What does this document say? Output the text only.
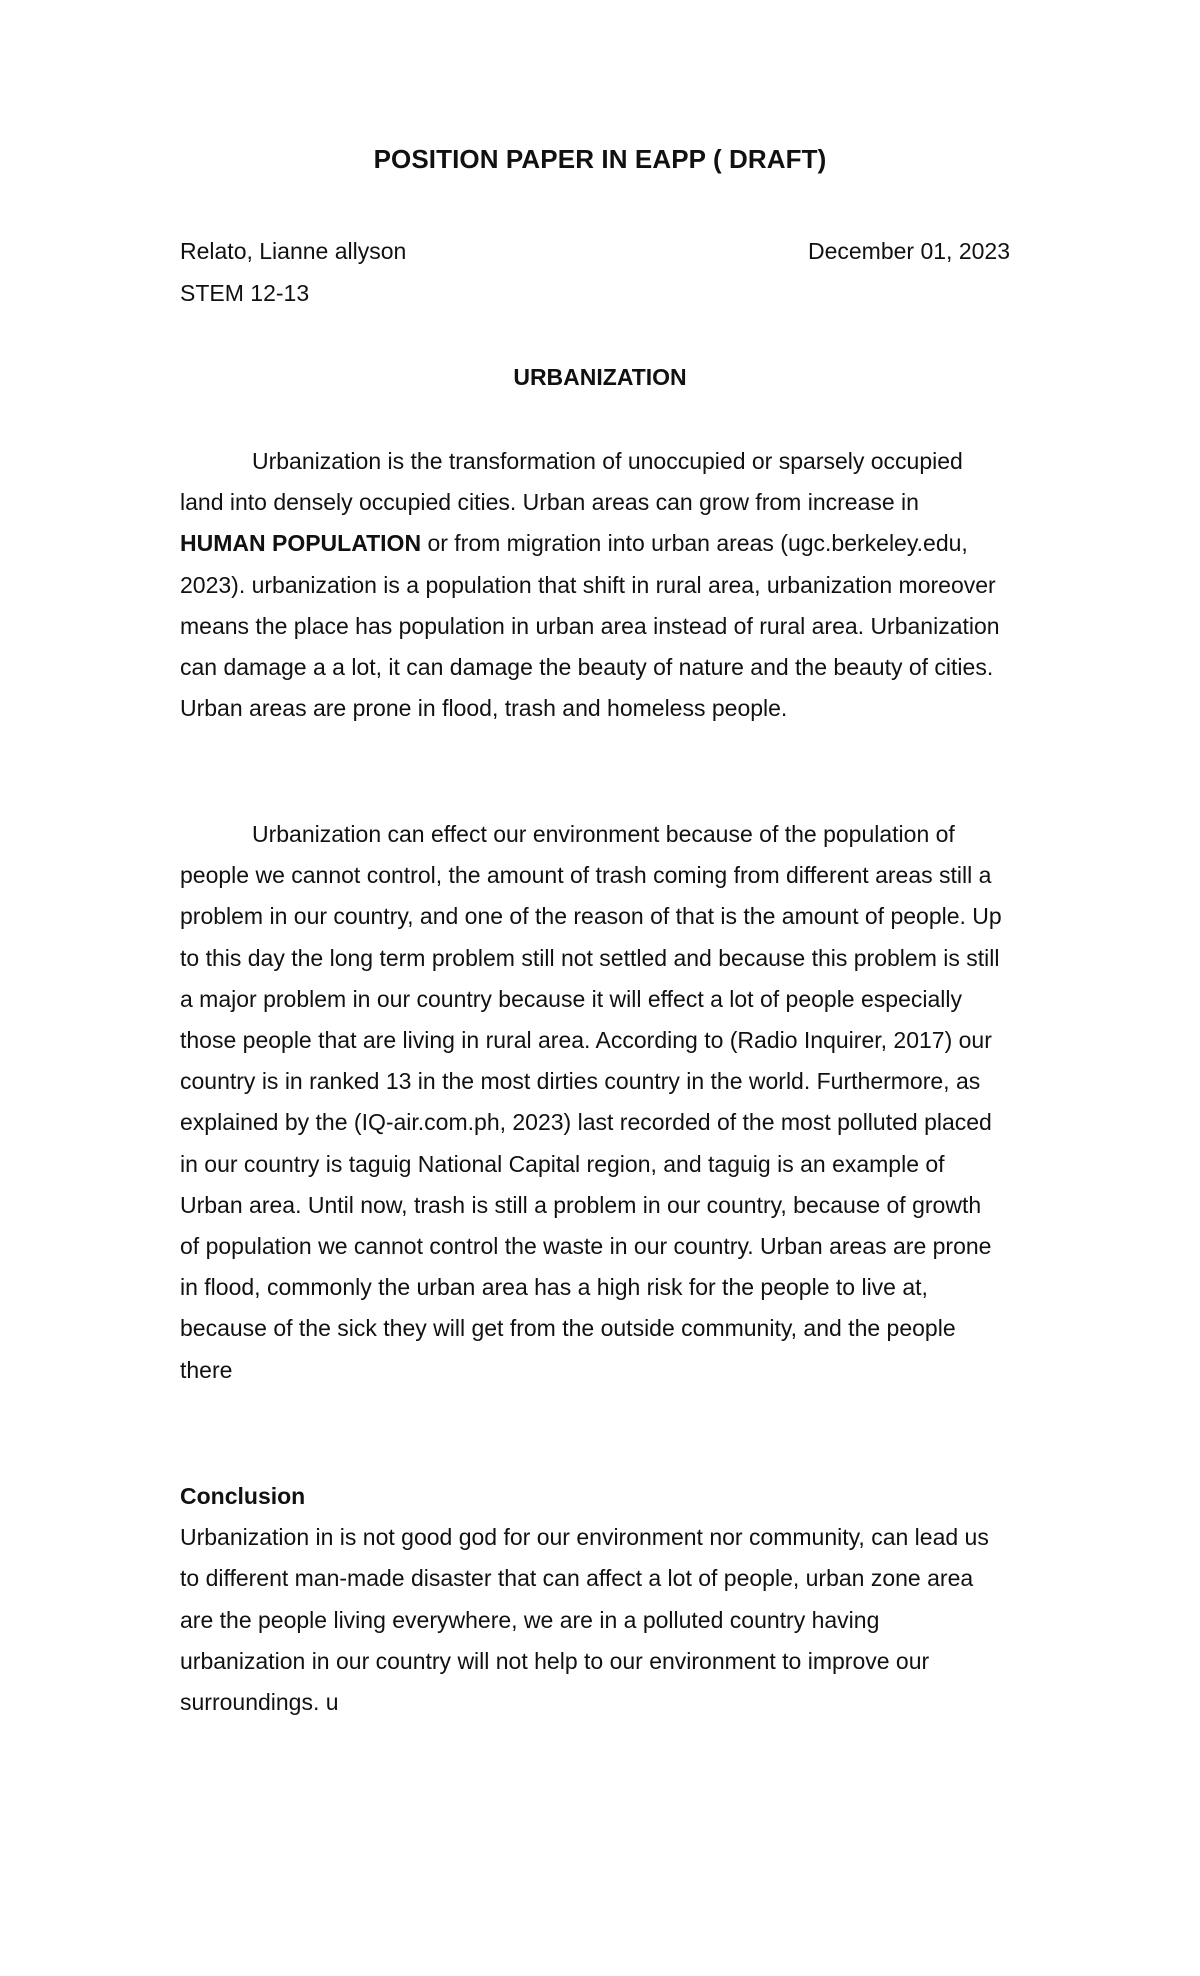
POSITION PAPER IN EAPP ( DRAFT)
Relato, Lianne allyson	December 01, 2023
STEM 12-13
URBANIZATION
Urbanization is the transformation of unoccupied or sparsely occupied
land into densely occupied cities. Urban areas can grow from increase in
HUMAN POPULATION or from migration into urban areas (ugc.berkeley.edu,
2023). urbanization is a population that shift in rural area, urbanization moreover
means the place has population in urban area instead of rural area. Urbanization
can damage a a lot, it can damage the beauty of nature and the beauty of cities.
Urban areas are prone in flood, trash and homeless people.
Urbanization can effect our environment because of the population of
people we cannot control, the amount of trash coming from different areas still a
problem in our country, and one of the reason of that is the amount of people. Up
to this day the long term problem still not settled and because this problem is still
a major problem in our country because it will effect a lot of people especially
those people that are living in rural area. According to (Radio Inquirer, 2017) our
country is in ranked 13 in the most dirties country in the world. Furthermore, as
explained by the (IQ-air.com.ph, 2023) last recorded of the most polluted placed
in our country is taguig National Capital region, and taguig is an example of
Urban area. Until now, trash is still a problem in our country, because of growth
of population we cannot control the waste in our country. Urban areas are prone
in flood, commonly the urban area has a high risk for the people to live at,
because of the sick they will get from the outside community, and the people
there
Conclusion
Urbanization in is not good god for our environment nor community, can lead us
to different man-made disaster that can affect a lot of people, urban zone area
are the people living everywhere, we are in a polluted country having
urbanization in our country will not help to our environment to improve our
surroundings. u
